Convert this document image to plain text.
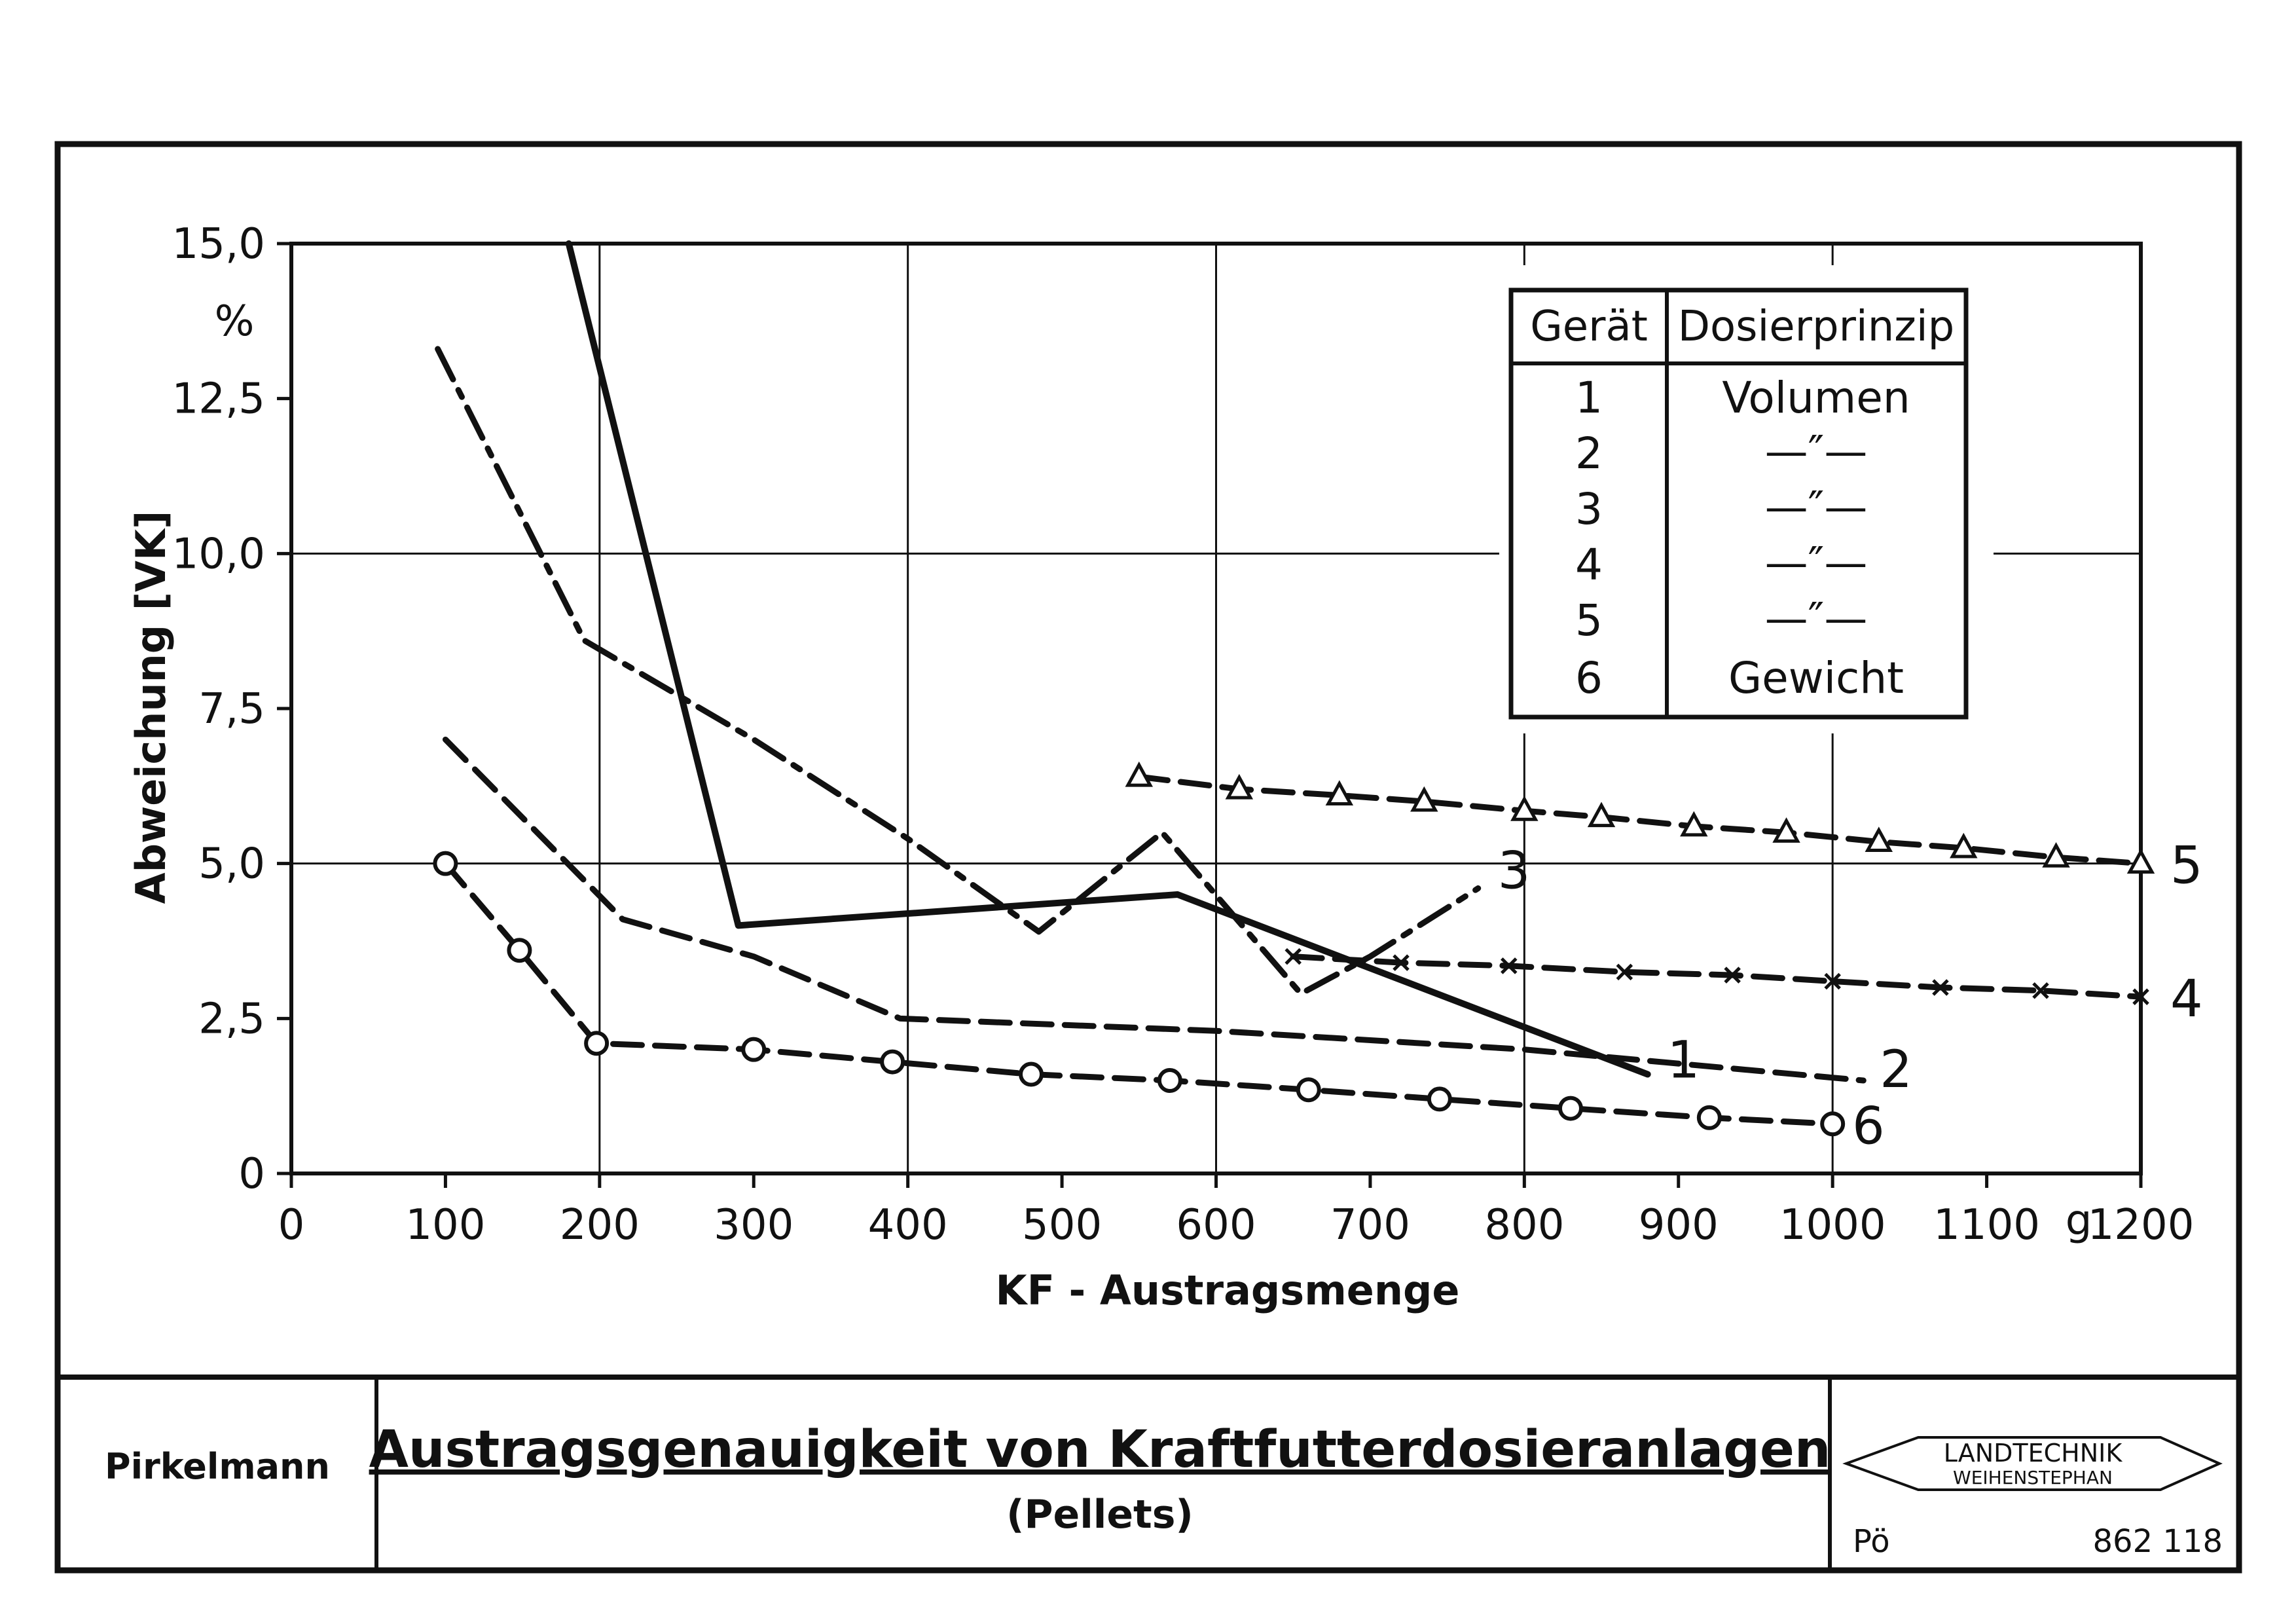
0 100 200 300 400 500 600 700 800 900 1000 1100 1200
0
2,5
5,0
7,5
10,0
12,5
15,0
1	2
3
4
5
6
KF - Austragsmenge
Abweichung [VK]
%
g
Gerät Dosierprinzip
1	Volumen
2	—″—
3	—″—
4	—″—
5	—″—
6	Gewicht
Pirkelmann Austragsgenauigkeit von Kraftfutterdosieranlagen
(Pellets)
LANDTECHNIK
WEIHENSTEPHAN
Pö	862 118
